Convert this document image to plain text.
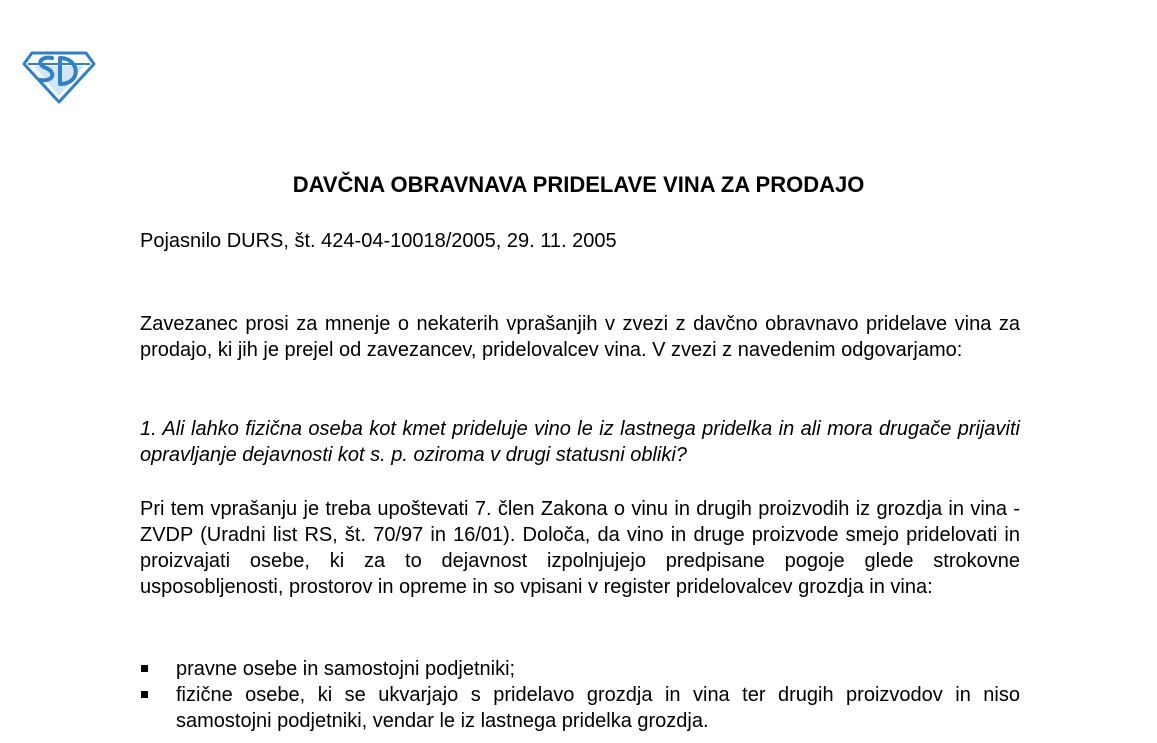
DAVČNA OBRAVNAVA PRIDELAVE VINA ZA PRODAJO

Pojasnilo DURS, št. 424-04-10018/2005, 29. 11. 2005

Zavezanec prosi za mnenje o nekaterih vprašanjih v zvezi z davčno obravnavo pridelave vina za prodajo, ki jih je prejel od zavezancev, pridelovalcev vina. V zvezi z navedenim odgovarjamo:

1. Ali lahko fizična oseba kot kmet prideluje vino le iz lastnega pridelka in ali mora drugače prijaviti opravljanje dejavnosti kot s. p. oziroma v drugi statusni obliki?

Pri tem vprašanju je treba upoštevati 7. člen Zakona o vinu in drugih proizvodih iz grozdja in vina - ZVDP (Uradni list RS, št. 70/97 in 16/01). Določa, da vino in druge proizvode smejo pridelovati in proizvajati osebe, ki za to dejavnost izpolnjujejo predpisane pogoje glede strokovne usposobljenosti, prostorov in opreme in so vpisani v register pridelovalcev grozdja in vina:

pravne osebe in samostojni podjetniki;
fizične osebe, ki se ukvarjajo s pridelavo grozdja in vina ter drugih proizvodov in niso samostojni podjetniki, vendar le iz lastnega pridelka grozdja.
